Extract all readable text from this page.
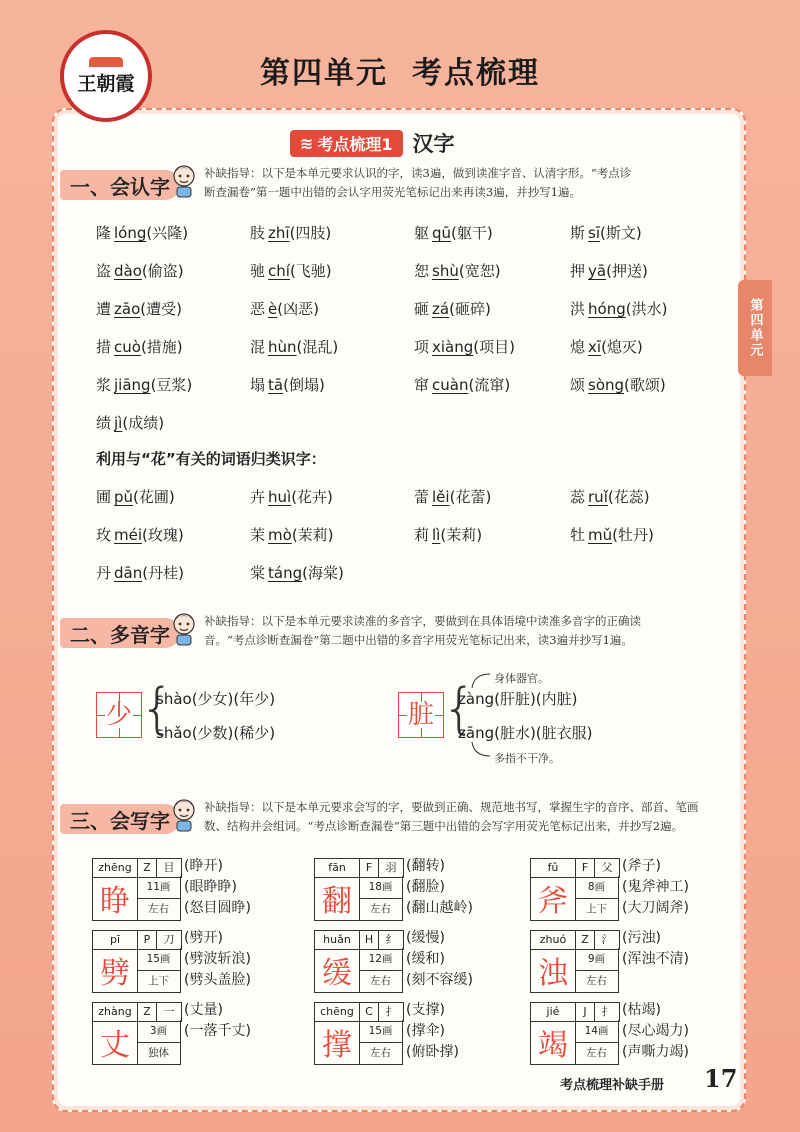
王朝霞	第四单元 考点梳理
第四单元
≋ 考点梳理1 汉字
一、会认字
补缺指导：以下是本单元要求认识的字，读3遍，做到读准字音、认清字形。“考点诊
断查漏卷”第一题中出错的会认字用荧光笔标记出来再读3遍，并抄写1遍。
隆 lóng(兴隆)	肢 zhī(四肢)	躯 qū(躯干)	斯 sī(斯文)
盗 dào(偷盗)	驰 chí(飞驰)	恕 shù(宽恕)	押 yā(押送)
遭 zāo(遭受)	恶 è(凶恶)	砸 zá(砸碎)	洪 hóng(洪水)
措 cuò(措施)	混 hùn(混乱)	项 xiàng(项目)	熄 xī(熄灭)
浆 jiāng(豆浆)	塌 tā(倒塌)	窜 cuàn(流窜)	颂 sòng(歌颂)
绩 jì(成绩)
利用与“花”有关的词语归类识字：
圃 pǔ(花圃)	卉 huì(花卉)	蕾 lěi(花蕾)	蕊 ruǐ(花蕊)
玫 méi(玫瑰)	茉 mò(茉莉)	莉 lì(茉莉)	牡 mǔ(牡丹)
丹 dān(丹桂)	棠 táng(海棠)
二、多音字
补缺指导：以下是本单元要求读准的多音字，要做到在具体语境中读准多音字的正确读
音。“考点诊断查漏卷”第二题中出错的多音字用荧光笔标记出来，读3遍并抄写1遍。
少 {
shào(少女)(年少)
shǎo(少数)(稀少)
脏 {
zàng(肝脏)(内脏)
zāng(脏水)(脏衣服)
身体器官。
多指不干净。
三、会写字
补缺指导：以下是本单元要求会写的字，要做到正确、规范地书写，掌握生字的音序、部首、笔画
数、结构并会组词。“考点诊断查漏卷”第三题中出错的会写字用荧光笔标记出来，并抄写2遍。
zhēng	Z	目
睁	11画
左右
(睁开)
(眼睁睁)
(怒目圆睁)
fān	F	羽
翻	18画
左右
(翻转)
(翻脸)
(翻山越岭)
fǔ	F	父
斧	8画
上下
(斧子)
(鬼斧神工)
(大刀阔斧)
pī	P	刀
劈	15画
上下
(劈开)
(劈波斩浪)
(劈头盖脸)
huǎn	H	纟
缓	12画
左右
(缓慢)
(缓和)
(刻不容缓)
zhuó	Z	氵
浊	9画
左右
(污浊)
(浑浊不清)
zhàng	Z	一
丈	3画
独体
(丈量)
(一落千丈)
chēng	C	扌
撑	15画
左右
(支撑)
(撑伞)
(俯卧撑)
jié	J	扌
竭	14画
左右
(枯竭)
(尽心竭力)
(声嘶力竭)
考点梳理补缺手册 17
